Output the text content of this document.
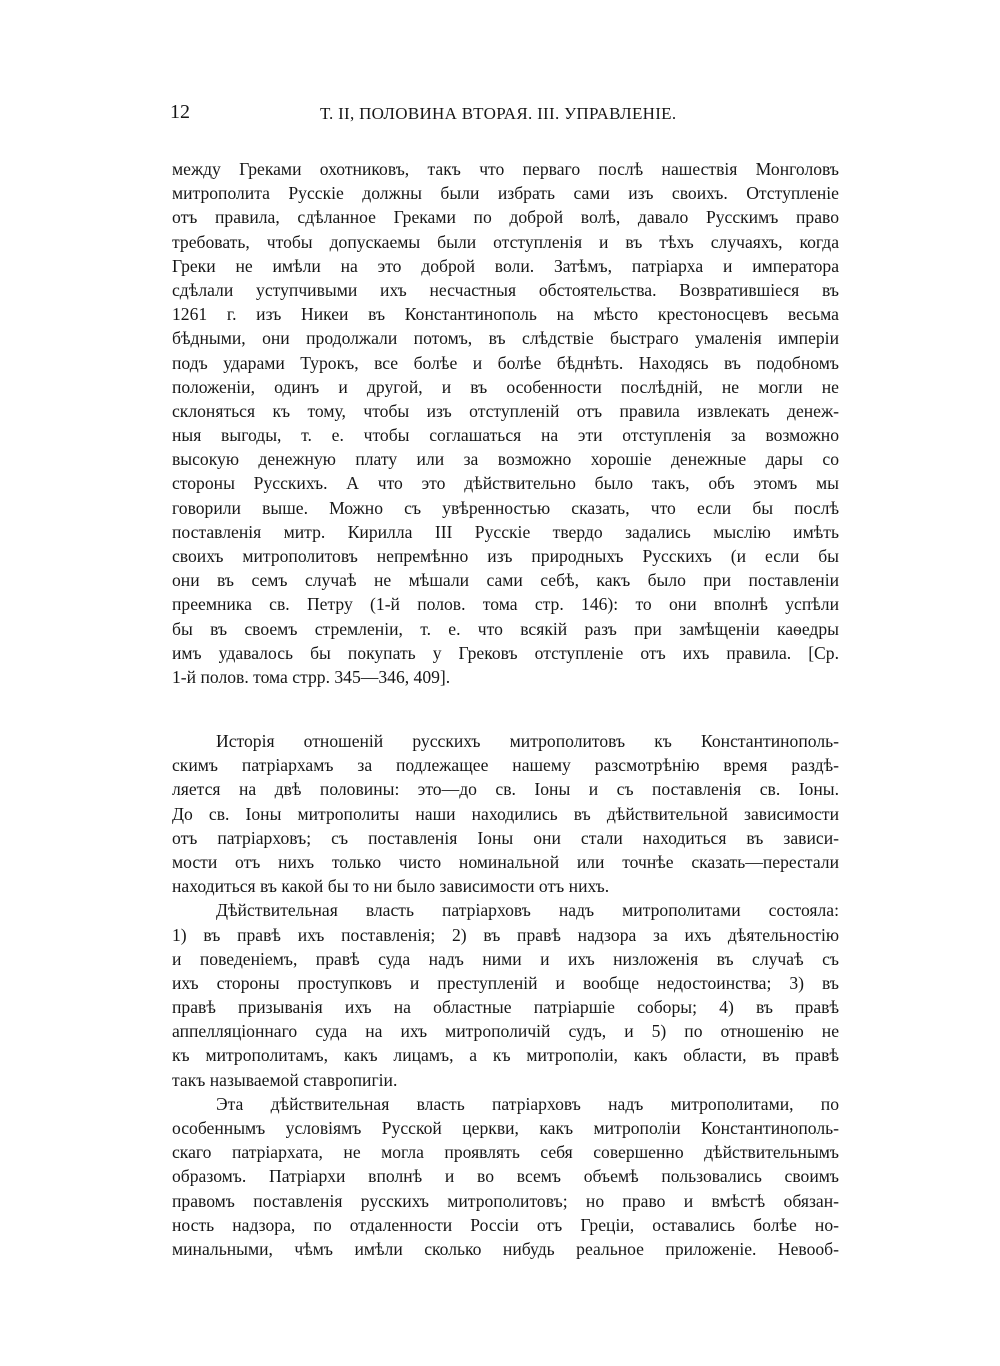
12	Т. II, ПОЛОВИНА ВТОРАЯ. III. УПРАВЛЕНIЕ.
между Греками охотниковъ, такъ что перваго послѣ нашествія Монголовъ
митрополита Русскіе должны были избрать сами изъ своихъ. Отступленіе
отъ правила, сдѣланное Греками по доброй волѣ, давало Русскимъ право
требовать, чтобы допускаемы были отступленія и въ тѣхъ случаяхъ, когда
Греки не имѣли на это доброй воли. Затѣмъ, патріарха и императора
сдѣлали уступчивыми ихъ несчастныя обстоятельства. Возвратившіеся въ
1261 г. изъ Никеи въ Константинополь на мѣсто крестоносцевъ весьма
бѣдными, они продолжали потомъ, въ слѣдствіе быстраго умаленія имперіи
подъ ударами Турокъ, все болѣе и болѣе бѣднѣть. Находясь въ подобномъ
положеніи, одинъ и другой, и въ особенности послѣдній, не могли не
склоняться къ тому, чтобы изъ отступленій отъ правила извлекать денеж-
ныя выгоды, т. е. чтобы соглашаться на эти отступленія за возможно
высокую денежную плату или за возможно хорошіе денежные дары со
стороны Русскихъ. А что это дѣйствительно было такъ, объ этомъ мы
говорили выше. Можно съ увѣренностью сказать, что если бы послѣ
поставленія митр. Кирилла III Русскіе твердо задались мыслію имѣть
своихъ митрополитовъ непремѣнно изъ природныхъ Русскихъ (и если бы
они въ семъ случаѣ не мѣшали сами себѣ, какъ было при поставленіи
преемника св. Петру (1-й полов. тома стр. 146): то они вполнѣ успѣли
бы въ своемъ стремленіи, т. е. что всякій разъ при замѣщеніи каѳедры
имъ удавалось бы покупать у Грековъ отступленіе отъ ихъ правила. [Ср.
1-й полов. тома стрр. 345—346, 409].
Исторія отношеній русскихъ митрополитовъ къ Константинополь-
скимъ патріархамъ за подлежащее нашему разсмотрѣнію время раздѣ-
ляется на двѣ половины: это—до св. Іоны и съ поставленія св. Іоны.
До св. Іоны митрополиты наши находились въ дѣйствительной зависимости
отъ патріарховъ; съ поставленія Іоны они стали находиться въ зависи-
мости отъ нихъ только чисто номинальной или точнѣе сказать—перестали
находиться въ какой бы то ни было зависимости отъ нихъ.
Дѣйствительная власть патріарховъ надъ митрополитами состояла:
1) въ правѣ ихъ поставленія; 2) въ правѣ надзора за ихъ дѣятельностію
и поведеніемъ, правѣ суда надъ ними и ихъ низложенія въ случаѣ съ
ихъ стороны проступковъ и преступленій и вообще недостоинства; 3) въ
правѣ призыванія ихъ на областные патріаршіе соборы; 4) въ правѣ
аппелляціоннаго суда на ихъ митрополичій судъ, и 5) по отношенію не
къ митрополитамъ, какъ лицамъ, а къ митрополіи, какъ области, въ правѣ
такъ называемой ставропигіи.
Эта дѣйствительная власть патріарховъ надъ митрополитами, по
особеннымъ условіямъ Русской церкви, какъ митрополіи Константинополь-
скаго патріархата, не могла проявлять себя совершенно дѣйствительнымъ
образомъ. Патріархи вполнѣ и во всемъ объемѣ пользовались своимъ
правомъ поставленія русскихъ митрополитовъ; но право и вмѣстѣ обязан-
ность надзора, по отдаленности Россіи отъ Греціи, оставались болѣе но-
минальными, чѣмъ имѣли сколько нибудь реальное приложеніе. Невооб-
